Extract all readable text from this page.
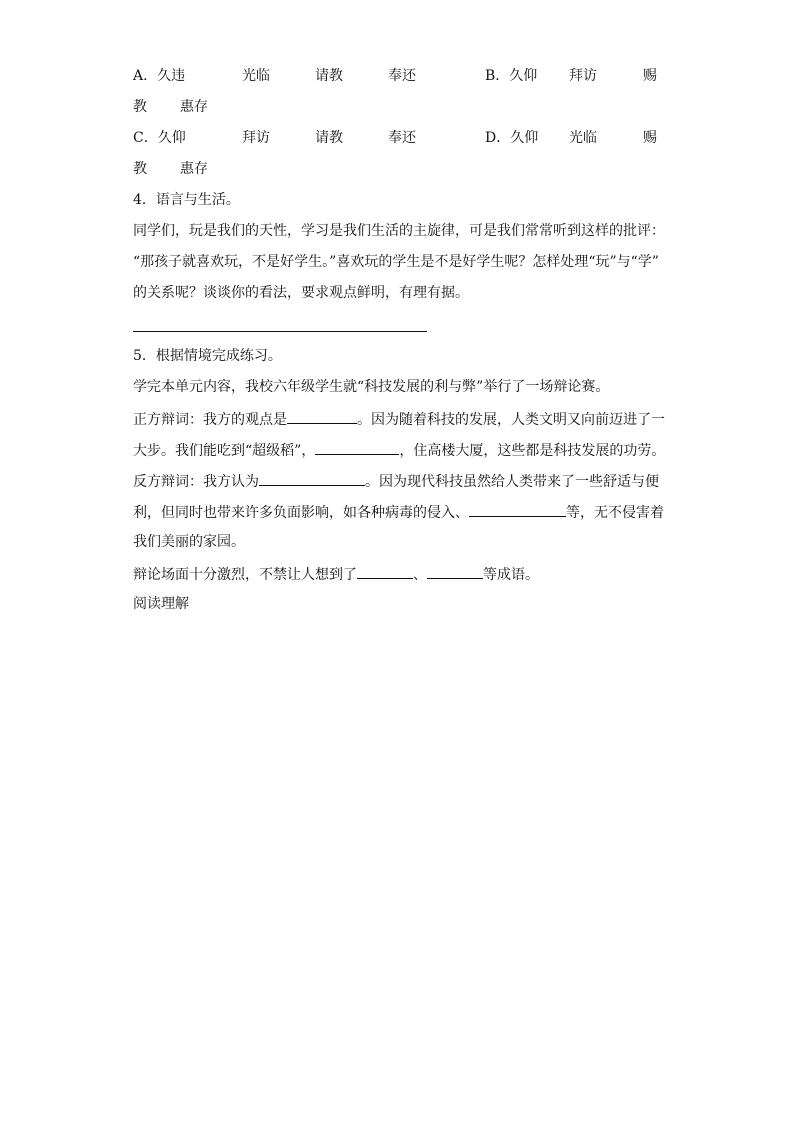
A．久违	光临	请教	奉还	B．久仰 拜访	赐
教 惠存
C．久仰	拜访	请教	奉还	D．久仰 光临	赐
教 惠存
4．语言与生活。
同学们，玩是我们的天性，学习是我们生活的主旋律，可是我们常常听到这样的批评：
“那孩子就喜欢玩，不是好学生。”喜欢玩的学生是不是好学生呢？怎样处理“玩”与“学”
的关系呢？谈谈你的看法，要求观点鲜明，有理有据。
5．根据情境完成练习。
学完本单元内容，我校六年级学生就“科技发展的利与弊”举行了一场辩论赛。
正方辩词：我方的观点是	。因为随着科技的发展，人类文明又向前迈进了一
大步。我们能吃到“超级稻”，	，住高楼大厦，这些都是科技发展的功劳。
反方辩词：我方认为	。因为现代科技虽然给人类带来了一些舒适与便
利，但同时也带来许多负面影响，如各种病毒的侵入、	等，无不侵害着
我们美丽的家园。
辩论场面十分激烈，不禁让人想到了	、	等成语。
阅读理解
